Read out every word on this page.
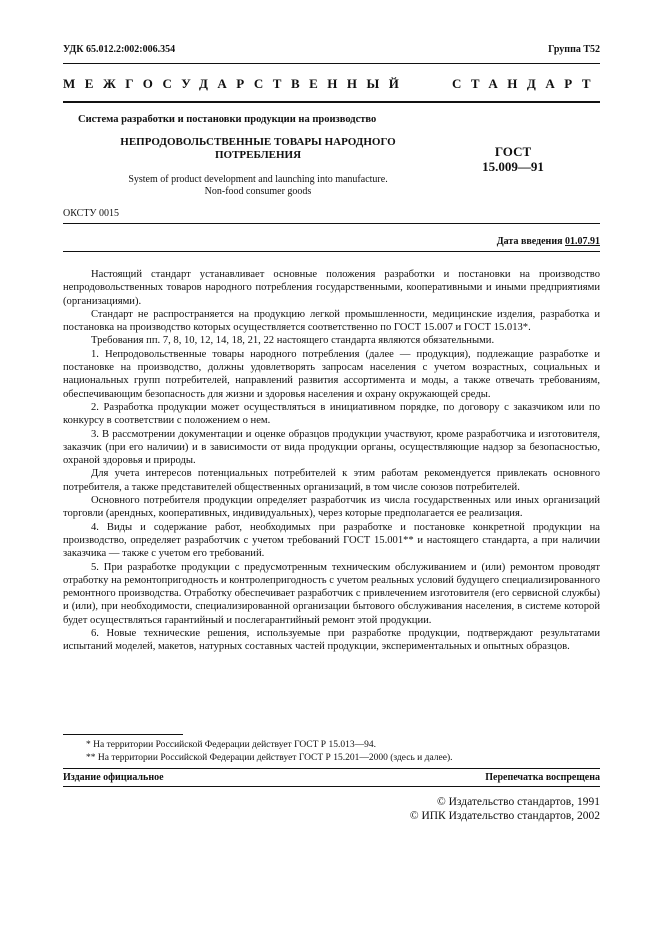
УДК 65.012.2:002:006.354	Группа Т52
МЕЖГОСУДАРСТВЕННЫЙ	СТАНДАРТ
Система разработки и постановки продукции на производство
НЕПРОДОВОЛЬСТВЕННЫЕ ТОВАРЫ НАРОДНОГО
ПОТРЕБЛЕНИЯ	ГОСТ
15.009—91
System of product development and launching into manufacture.
Non-food consumer goods
ОКСТУ 0015
Дата введения 01.07.91

Настоящий стандарт устанавливает основные положения разработки и постановки на производство непродовольственных товаров народного потребления государственными, кооперативными и иными предприятиями (организациями).

Стандарт не распространяется на продукцию легкой промышленности, медицинские изделия, разработка и постановка на производство которых осуществляется соответственно по ГОСТ 15.007 и ГОСТ 15.013*.

Требования пп. 7, 8, 10, 12, 14, 18, 21, 22 настоящего стандарта являются обязательными.

1. Непродовольственные товары народного потребления (далее — продукция), подлежащие разработке и постановке на производство, должны удовлетворять запросам населения с учетом возрастных, социальных и национальных групп потребителей, направлений развития ассортимента и моды, а также отвечать требованиям, обеспечивающим безопасность для жизни и здоровья населения и охрану окружающей среды.

2. Разработка продукции может осуществляться в инициативном порядке, по договору с заказчиком или по конкурсу в соответствии с положением о нем.

3. В рассмотрении документации и оценке образцов продукции участвуют, кроме разработчика и изготовителя, заказчик (при его наличии) и в зависимости от вида продукции органы, осуществляющие надзор за безопасностью, охраной здоровья и природы.

Для учета интересов потенциальных потребителей к этим работам рекомендуется привлекать основного потребителя, а также представителей общественных организаций, в том числе союзов потребителей.

Основного потребителя продукции определяет разработчик из числа государственных или иных организаций торговли (арендных, кооперативных, индивидуальных), через которые предполагается ее реализация.

4. Виды и содержание работ, необходимых при разработке и постановке конкретной продукции на производство, определяет разработчик с учетом требований ГОСТ 15.001** и настоящего стандарта, а при наличии заказчика — также с учетом его требований.

5. При разработке продукции с предусмотренным техническим обслуживанием и (или) ремонтом проводят отработку на ремонтопригодность и контролепригодность с учетом реальных условий будущего специализированного ремонтного производства. Отработку обеспечивает разработчик с привлечением изготовителя (его сервисной службы) и (или), при необходимости, специализированной организации бытового обслуживания населения, в системе которой будет осуществляться гарантийный и послегарантийный ремонт этой продукции.

6. Новые технические решения, используемые при разработке продукции, подтверждают результатами испытаний моделей, макетов, натурных составных частей продукции, экспериментальных и опытных образцов.

* На территории Российской Федерации действует ГОСТ Р 15.013—94.
** На территории Российской Федерации действует ГОСТ Р 15.201—2000 (здесь и далее).
Издание официальное	Перепечатка воспрещена
© Издательство стандартов, 1991
© ИПК Издательство стандартов, 2002
